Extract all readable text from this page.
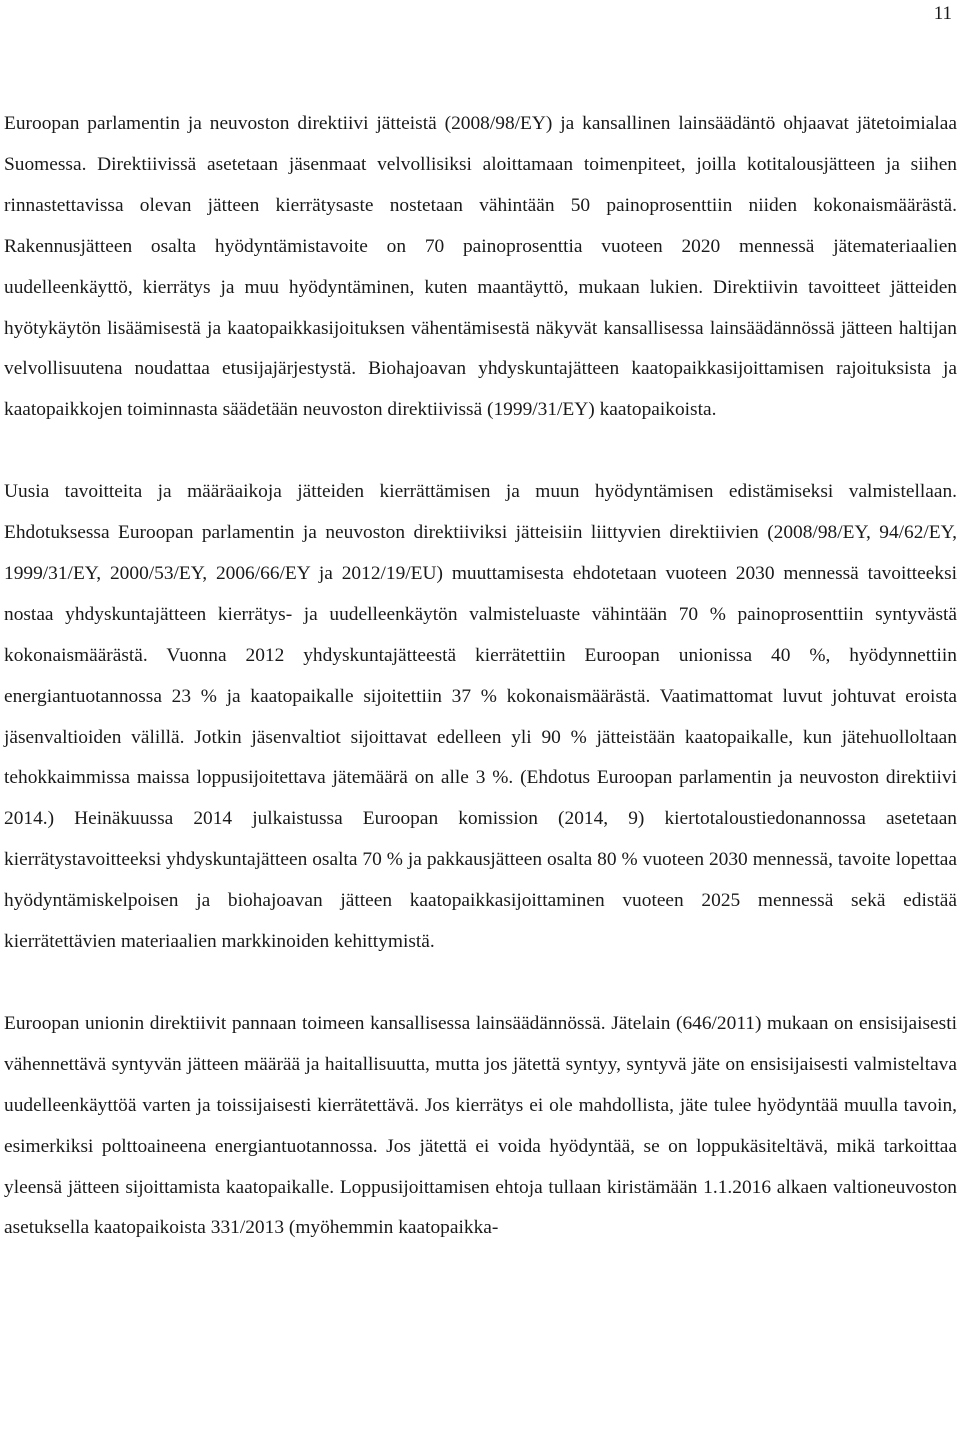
11

Euroopan parlamentin ja neuvoston direktiivi jätteistä (2008/98/EY) ja kansallinen lainsäädäntö ohjaavat jätetoimialaa Suomessa. Direktiivissä asetetaan jäsenmaat velvollisiksi aloittamaan toimenpiteet, joilla kotitalousjätteen ja siihen rinnastettavissa olevan jätteen kierrätysaste nostetaan vähintään 50 painoprosenttiin niiden kokonaismäärästä. Rakennusjätteen osalta hyödyntämistavoite on 70 painoprosenttia vuoteen 2020 mennessä jätemateriaalien uudelleenkäyttö, kierrätys ja muu hyödyntäminen, kuten maantäyttö, mukaan lukien. Direktiivin tavoitteet jätteiden hyötykäytön lisäämisestä ja kaatopaikkasijoituksen vähentämisestä näkyvät kansallisessa lainsäädännössä jätteen haltijan velvollisuutena noudattaa etusijajärjestystä. Biohajoavan yhdyskuntajätteen kaatopaikkasijoittamisen rajoituksista ja kaatopaikkojen toiminnasta säädetään neuvoston direktiivissä (1999/31/EY) kaatopaikoista.

Uusia tavoitteita ja määräaikoja jätteiden kierrättämisen ja muun hyödyntämisen edistämiseksi valmistellaan. Ehdotuksessa Euroopan parlamentin ja neuvoston direktiiviksi jätteisiin liittyvien direktiivien (2008/98/EY, 94/62/EY, 1999/31/EY, 2000/53/EY, 2006/66/EY ja 2012/19/EU) muuttamisesta ehdotetaan vuoteen 2030 mennessä tavoitteeksi nostaa yhdyskuntajätteen kierrätys- ja uudelleenkäytön valmisteluaste vähintään 70 % painoprosenttiin syntyvästä kokonaismäärästä. Vuonna 2012 yhdyskuntajätteestä kierrätettiin Euroopan unionissa 40 %, hyödynnettiin energiantuotannossa 23 % ja kaatopaikalle sijoitettiin 37 % kokonaismäärästä. Vaatimattomat luvut johtuvat eroista jäsenvaltioiden välillä. Jotkin jäsenvaltiot sijoittavat edelleen yli 90 % jätteistään kaatopaikalle, kun jätehuolloltaan tehokkaimmissa maissa loppusijoitettava jätemäärä on alle 3 %. (Ehdotus Euroopan parlamentin ja neuvoston direktiivi 2014.) Heinäkuussa 2014 julkaistussa Euroopan komission (2014, 9) kiertotaloustiedonannossa asetetaan kierrätystavoitteeksi yhdyskuntajätteen osalta 70 % ja pakkausjätteen osalta 80 % vuoteen 2030 mennessä, tavoite lopettaa hyödyntämiskelpoisen ja biohajoavan jätteen kaatopaikkasijoittaminen vuoteen 2025 mennessä sekä edistää kierrätettävien materiaalien markkinoiden kehittymistä.

Euroopan unionin direktiivit pannaan toimeen kansallisessa lainsäädännössä. Jätelain (646/2011) mukaan on ensisijaisesti vähennettävä syntyvän jätteen määrää ja haitallisuutta, mutta jos jätettä syntyy, syntyvä jäte on ensisijaisesti valmisteltava uudelleenkäyttöä varten ja toissijaisesti kierrätettävä. Jos kierrätys ei ole mahdollista, jäte tulee hyödyntää muulla tavoin, esimerkiksi polttoaineena energiantuotannossa. Jos jätettä ei voida hyödyntää, se on loppukäsiteltävä, mikä tarkoittaa yleensä jätteen sijoittamista kaatopaikalle. Loppusijoittamisen ehtoja tullaan kiristämään 1.1.2016 alkaen valtioneuvoston asetuksella kaatopaikoista 331/2013 (myöhemmin kaatopaikka-
